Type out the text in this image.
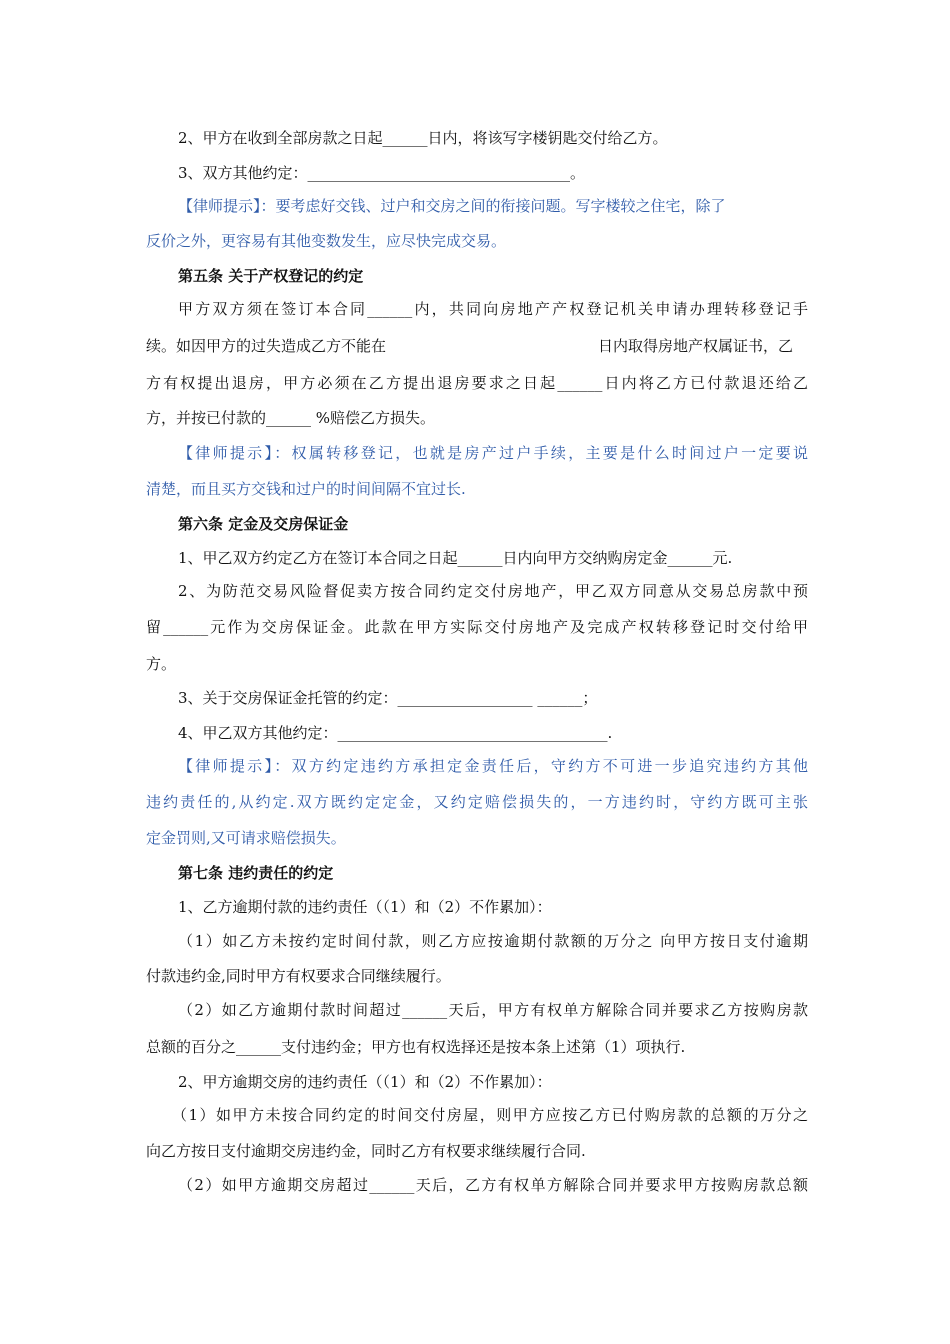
2、甲方在收到全部房款之日起______日内，将该写字楼钥匙交付给乙方。
3、双方其他约定：___________________________________。
【律师提示】：要考虑好交钱、过户和交房之间的衔接问题。写字楼较之住宅，除了
反价之外，更容易有其他变数发生，应尽快完成交易。
第五条 关于产权登记的约定
甲方双方须在签订本合同______内，共同向房地产产权登记机关申请办理转移登记手
续。如因甲方的过失造成乙方不能在	日内取得房地产权属证书，乙
方有权提出退房，甲方必须在乙方提出退房要求之日起______日内将乙方已付款退还给乙
方，并按已付款的______ %赔偿乙方损失。
【律师提示】：权属转移登记，也就是房产过户手续，主要是什么时间过户一定要说
清楚，而且买方交钱和过户的时间间隔不宜过长.
第六条 定金及交房保证金
1、甲乙双方约定乙方在签订本合同之日起______日内向甲方交纳购房定金______元.
2、为防范交易风险督促卖方按合同约定交付房地产，甲乙双方同意从交易总房款中预
留______元作为交房保证金。此款在甲方实际交付房地产及完成产权转移登记时交付给甲
方。
3、关于交房保证金托管的约定：__________________ ______；
4、甲乙双方其他约定：____________________________________.
【律师提示】：双方约定违约方承担定金责任后，守约方不可进一步追究违约方其他
违约责任的,从约定.双方既约定定金，又约定赔偿损失的，一方违约时，守约方既可主张
定金罚则,又可请求赔偿损失。
第七条 违约责任的约定
1、乙方逾期付款的违约责任（（1）和（2）不作累加）：
（1）如乙方未按约定时间付款，则乙方应按逾期付款额的万分之 向甲方按日支付逾期
付款违约金,同时甲方有权要求合同继续履行。
（2）如乙方逾期付款时间超过______天后，甲方有权单方解除合同并要求乙方按购房款
总额的百分之______支付违约金；甲方也有权选择还是按本条上述第（1）项执行.
2、甲方逾期交房的违约责任（（1）和（2）不作累加）：
（1）如甲方未按合同约定的时间交付房屋，则甲方应按乙方已付购房款的总额的万分之
向乙方按日支付逾期交房违约金，同时乙方有权要求继续履行合同.
（2）如甲方逾期交房超过______天后，乙方有权单方解除合同并要求甲方按购房款总额
